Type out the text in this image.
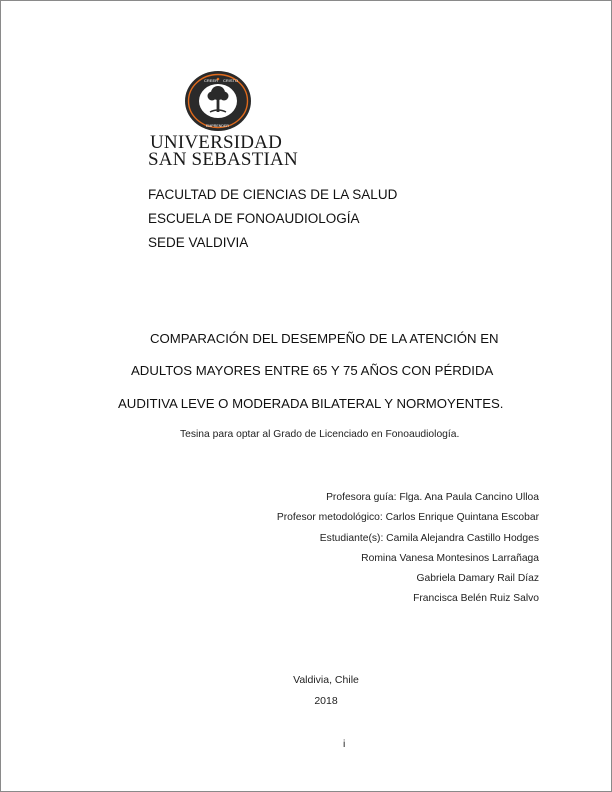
CREER CRISTO
EMPRENDER
UNIVERSIDAD
SAN SEBASTIAN
FACULTAD DE CIENCIAS DE LA SALUD
ESCUELA DE FONOAUDIOLOGÍA
SEDE VALDIVIA
COMPARACIÓN DEL DESEMPEÑO DE LA ATENCIÓN EN
ADULTOS MAYORES ENTRE 65 Y 75 AÑOS CON PÉRDIDA
AUDITIVA LEVE O MODERADA BILATERAL Y NORMOYENTES.
Tesina para optar al Grado de Licenciado en Fonoaudiología.
Profesora guía: Flga. Ana Paula Cancino Ulloa
Profesor metodológico: Carlos Enrique Quintana Escobar
Estudiante(s): Camila Alejandra Castillo Hodges
Romina Vanesa Montesinos Larrañaga
Gabriela Damary Rail Díaz
Francisca Belén Ruiz Salvo
Valdivia, Chile
2018
i
